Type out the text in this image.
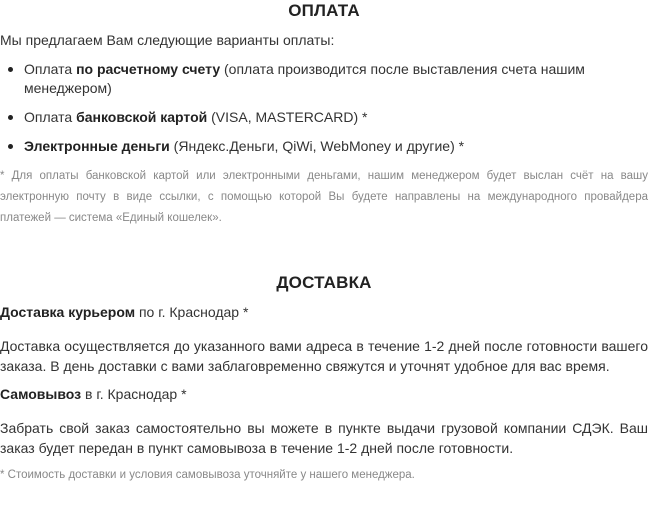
ОПЛАТА

Мы предлагаем Вам следующие варианты оплаты:

Оплата по расчетному счету (оплата производится после выставления счета нашим менеджером)
Оплата банковской картой (VISA, MASTERCARD) *
Электронные деньги (Яндекс.Деньги, QiWi, WebMoney и другие) *

* Для оплаты банковской картой или электронными деньгами, нашим менеджером будет выслан счёт на вашу электронную почту в виде ссылки, с помощью которой Вы будете направлены на международного провайдера платежей — система «Единый кошелек».

ДОСТАВКА

Доставка курьером по г. Краснодар *

Доставка осуществляется до указанного вами адреса в течение 1-2 дней после готовности вашего заказа. В день доставки с вами заблаговременно свяжутся и уточнят удобное для вас время.

Самовывоз в г. Краснодар *

Забрать свой заказ самостоятельно вы можете в пункте выдачи грузовой компании СДЭК. Ваш заказ будет передан в пункт самовывоза в течение 1-2 дней после готовности.

* Стоимость доставки и условия самовывоза уточняйте у нашего менеджера.
